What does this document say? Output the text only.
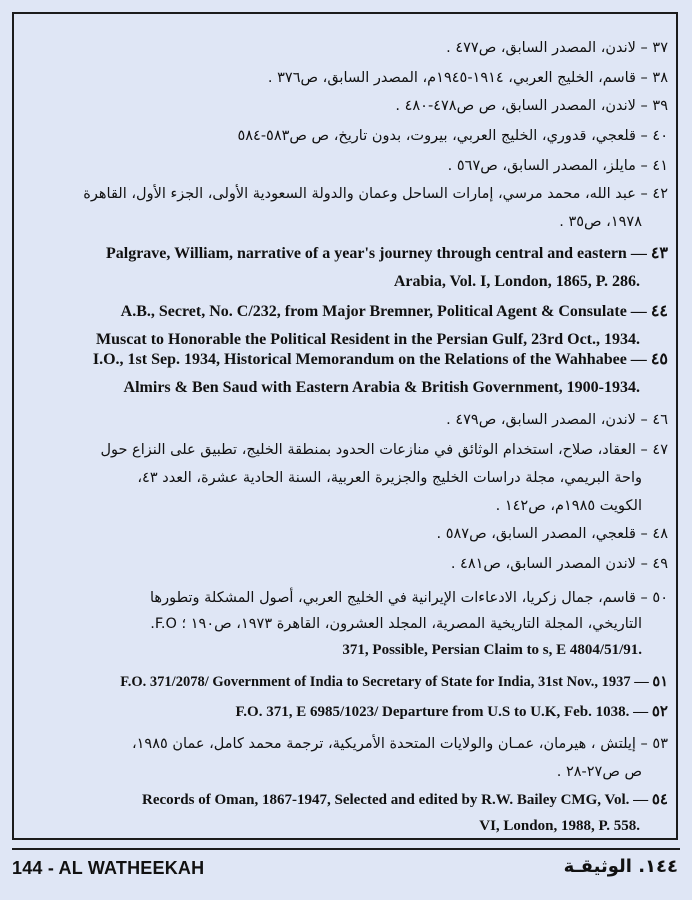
٣٧ – لاندن، المصدر السابق، ص٤٧٧ .
٣٨ – قاسم، الخليج العربي، ١٩١٤-١٩٤٥م، المصدر السابق، ص٣٧٦ .
٣٩ – لاندن، المصدر السابق، ص ص٤٧٨-٤٨٠ .
٤٠ – قلعجي، قدوري، الخليج العربي، بيروت، بدون تاريخ، ص ص٥٨٣-٥٨٤
٤١ – مايلز، المصدر السابق، ص٥٦٧ .
٤٢ – عبد الله، محمد مرسي، إمارات الساحل وعمان والدولة السعودية الأولى، الجزء الأول، القاهرة
١٩٧٨، ص٣٥ .
Palgrave, William, narrative of a year's journey through central and eastern — ٤٣
Arabia, Vol. I, London, 1865, P. 286.
A.B., Secret, No. C/232, from Major Bremner, Political Agent & Consulate — ٤٤
Muscat to Honorable the Political Resident in the Persian Gulf, 23rd Oct., 1934.
I.O., 1st Sep. 1934, Historical Memorandum on the Relations of the Wahhabee — ٤٥
Almirs & Ben Saud with Eastern Arabia & British Government, 1900-1934.
٤٦ – لاندن، المصدر السابق، ص٤٧٩ .
٤٧ – العقاد، صلاح، استخدام الوثائق في منازعات الحدود بمنطقة الخليج، تطبيق على النزاع حول
واحة البريمي، مجلة دراسات الخليج والجزيرة العربية، السنة الحادية عشرة، العدد ٤٣،
الكويت ١٩٨٥م، ص١٤٢ .
٤٨ – قلعجي، المصدر السابق، ص٥٨٧ .
٤٩ – لاندن المصدر السابق، ص٤٨١ .
٥٠ – قاسم، جمال زكريا، الادعاءات الإيرانية في الخليج العربي، أصول المشكلة وتطورها
التاريخي، المجلة التاريخية المصرية، المجلد العشرون، القاهرة ١٩٧٣، ص١٩٠ ؛ F.O.
371, Possible, Persian Claim to s, E 4804/51/91.
F.O. 371/2078/ Government of India to Secretary of State for India, 31st Nov., 1937 — ٥١
F.O. 371, E 6985/1023/ Departure from U.S to U.K, Feb. 1038. — ٥٢
٥٣ – إيلتش ، هيرمان، عمـان والولايات المتحدة الأمريكية، ترجمة محمد كامل، عمان ١٩٨٥،
ص ص٢٧-٢٨ .
Records of Oman, 1867-1947, Selected and edited by R.W. Bailey CMG, Vol. — ٥٤
VI, London, 1988, P. 558.
144 - AL WATHEEKAH	١٤٤. الوثيقـة
